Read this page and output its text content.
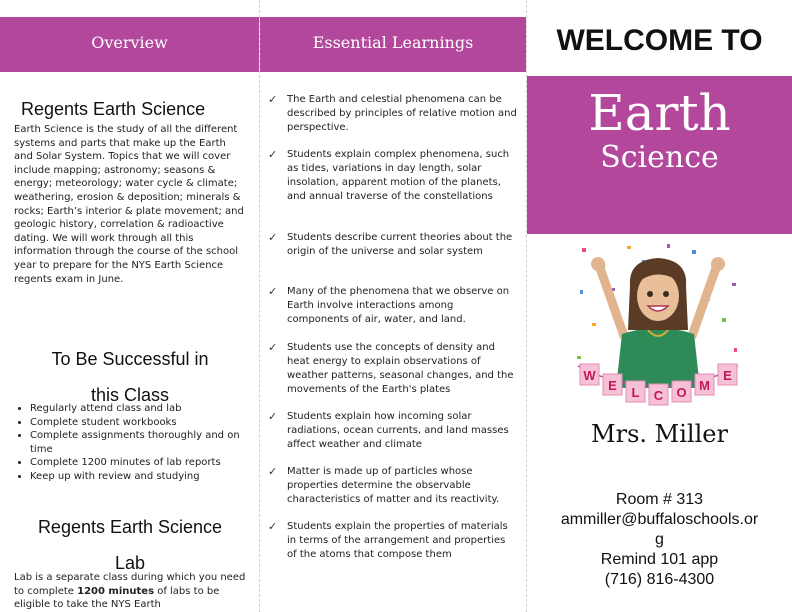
Overview
Regents Earth Science
Earth Science is the study of all the different systems and parts that make up the Earth and Solar System. Topics that we will cover include mapping; astronomy; seasons & energy; meteorology; water cycle & climate; weathering, erosion & deposition; minerals & rocks; Earth’s interior & plate movement; and geologic history, correlation & radioactive dating. We will work through all this information through the course of the school year to prepare for the NYS Earth Science regents exam in June.
To Be Successful in
this Class
• Regularly attend class and lab
• Complete student workbooks
• Complete assignments thoroughly and on time
• Complete 1200 minutes of lab reports
• Keep up with review and studying
Regents Earth Science
Lab
Lab is a separate class during which you need to complete 1200 minutes of labs to be eligible to take the NYS Earth
Essential Learnings
✓ The Earth and celestial phenomena can be described by principles of relative motion and perspective.
✓ Students explain complex phenomena, such as tides, variations in day length, solar insolation, apparent motion of the planets, and annual traverse of the constellations
✓ Students describe current theories about the origin of the universe and solar system
✓ Many of the phenomena that we observe on Earth involve interactions among components of air, water, and land.
✓ Students use the concepts of density and heat energy to explain observations of weather patterns, seasonal changes, and the movements of the Earth's plates
✓ Students explain how incoming solar radiations, ocean currents, and land masses affect weather and climate
✓ Matter is made up of particles whose properties determine the observable characteristics of matter and its reactivity.
✓ Students explain the properties of materials in terms of the arrangement and properties of the atoms that compose them
WELCOME TO
Earth
Science
W
E L C O M
E
Mrs. Miller
Room # 313
ammiller@buffaloschools.or
g
Remind 101 app
(716) 816-4300
